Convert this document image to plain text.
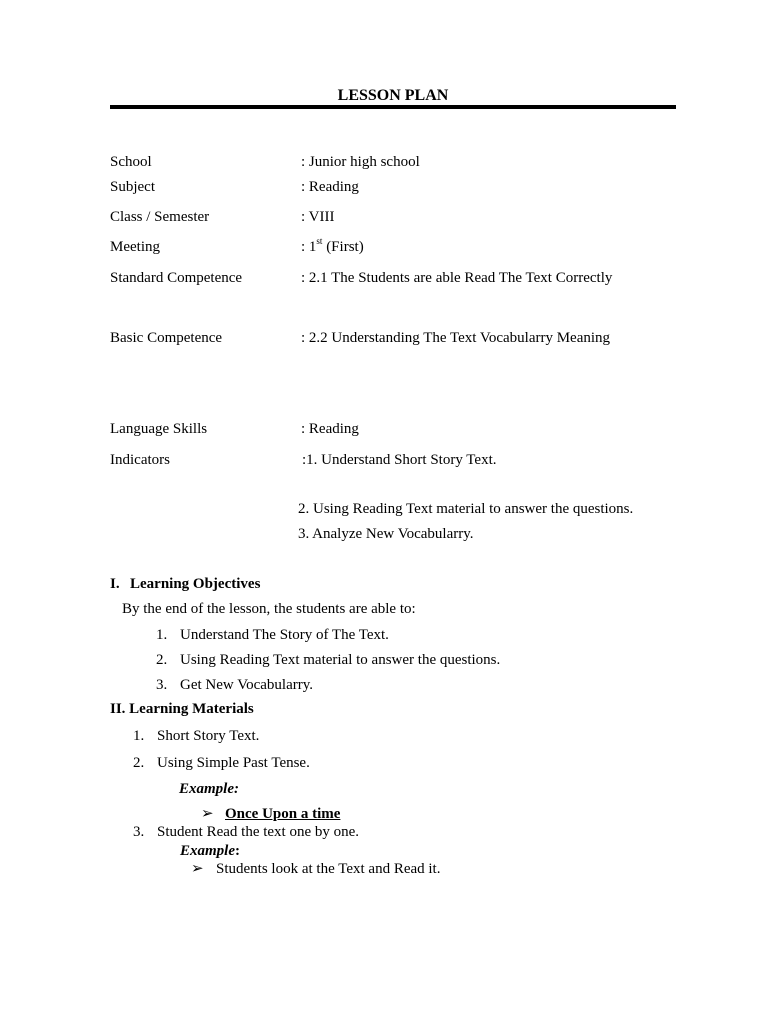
LESSON PLAN
School	: Junior high school
Subject	: Reading
Class / Semester	: VIII
Meeting	: 1st (First)
Standard Competence	: 2.1 The Students are able Read The Text Correctly
Basic Competence	: 2.2 Understanding The Text Vocabularry Meaning
Language Skills	: Reading
Indicators	:1. Understand Short Story Text.
2. Using Reading Text material to answer the questions.
3. Analyze New Vocabularry.
I. Learning Objectives
By the end of the lesson, the students are able to:
1. Understand The Story of The Text.
2. Using Reading Text material to answer the questions.
3. Get New Vocabularry.
II. Learning Materials
1. Short Story Text.
2. Using Simple Past Tense.
Example:
➢ Once Upon a time
3. Student Read the text one by one.
Example:
➢ Students look at the Text and Read it.
